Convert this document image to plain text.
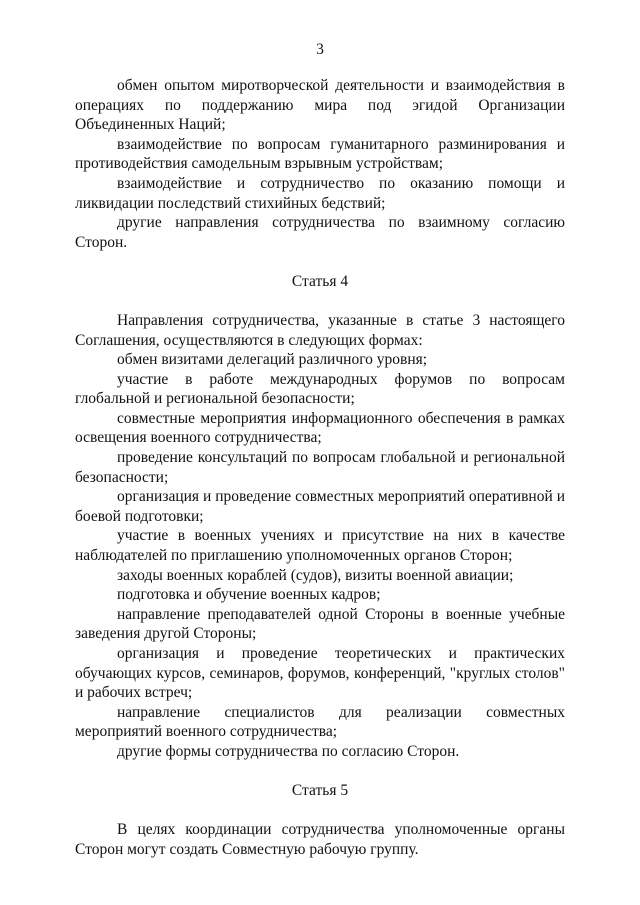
3

обмен опытом миротворческой деятельности и взаимодействия в операциях по поддержанию мира под эгидой Организации Объединенных Наций;

взаимодействие по вопросам гуманитарного разминирования и противодействия самодельным взрывным устройствам;

взаимодействие и сотрудничество по оказанию помощи и ликвидации последствий стихийных бедствий;

другие направления сотрудничества по взаимному согласию Сторон.

Статья 4

Направления сотрудничества, указанные в статье 3 настоящего Соглашения, осуществляются в следующих формах:

обмен визитами делегаций различного уровня;

участие в работе международных форумов по вопросам глобальной и региональной безопасности;

совместные мероприятия информационного обеспечения в рамках освещения военного сотрудничества;

проведение консультаций по вопросам глобальной и региональной безопасности;

организация и проведение совместных мероприятий оперативной и боевой подготовки;

участие в военных учениях и присутствие на них в качестве наблюдателей по приглашению уполномоченных органов Сторон;

заходы военных кораблей (судов), визиты военной авиации;

подготовка и обучение военных кадров;

направление преподавателей одной Стороны в военные учебные заведения другой Стороны;

организация и проведение теоретических и практических обучающих курсов, семинаров, форумов, конференций, "круглых столов" и рабочих встреч;

направление специалистов для реализации совместных мероприятий военного сотрудничества;

другие формы сотрудничества по согласию Сторон.

Статья 5

В целях координации сотрудничества уполномоченные органы Сторон могут создать Совместную рабочую группу.
